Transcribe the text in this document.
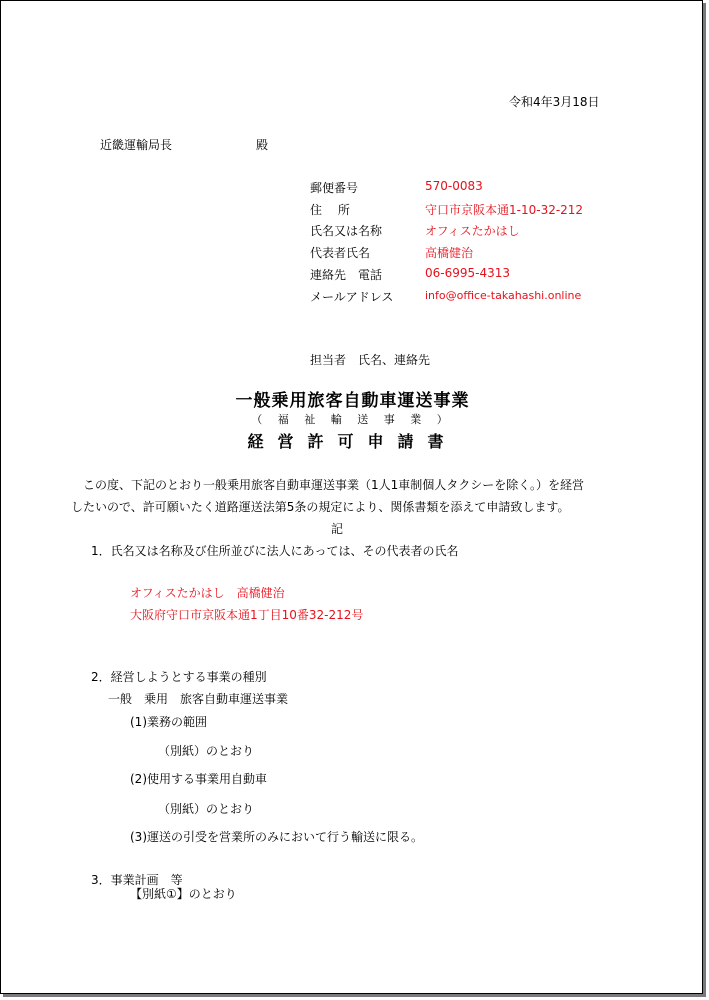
令和4年3月18日
近畿運輸局長	殿
郵便番号	570-0083
住　 所	守口市京阪本通1-10-32-212
氏名又は名称	オフィスたかはし
代表者氏名	高橋健治
連絡先　電話	06-6995-4313
メールアドレス	info@office-takahashi.online
担当者　氏名、連絡先
一般乗用旅客自動車運送事業
（ 福 祉 輸 送 事 業 ）
経営許可申請書
この度、下記のとおり一般乗用旅客自動車運送事業（1人1車制個人タクシーを除く。）を経営
したいので、許可願いたく道路運送法第5条の規定により、関係書類を添えて申請致します。
記
1．氏名又は名称及び住所並びに法人にあっては、その代表者の氏名
オフィスたかはし　高橋健治
大阪府守口市京阪本通1丁目10番32-212号
2．経営しようとする事業の種別
一般　乗用　旅客自動車運送事業
(1)業務の範囲
（別紙）のとおり
(2)使用する事業用自動車
（別紙）のとおり
(3)運送の引受を営業所のみにおいて行う輸送に限る。
3．事業計画　等
【別紙①】のとおり
